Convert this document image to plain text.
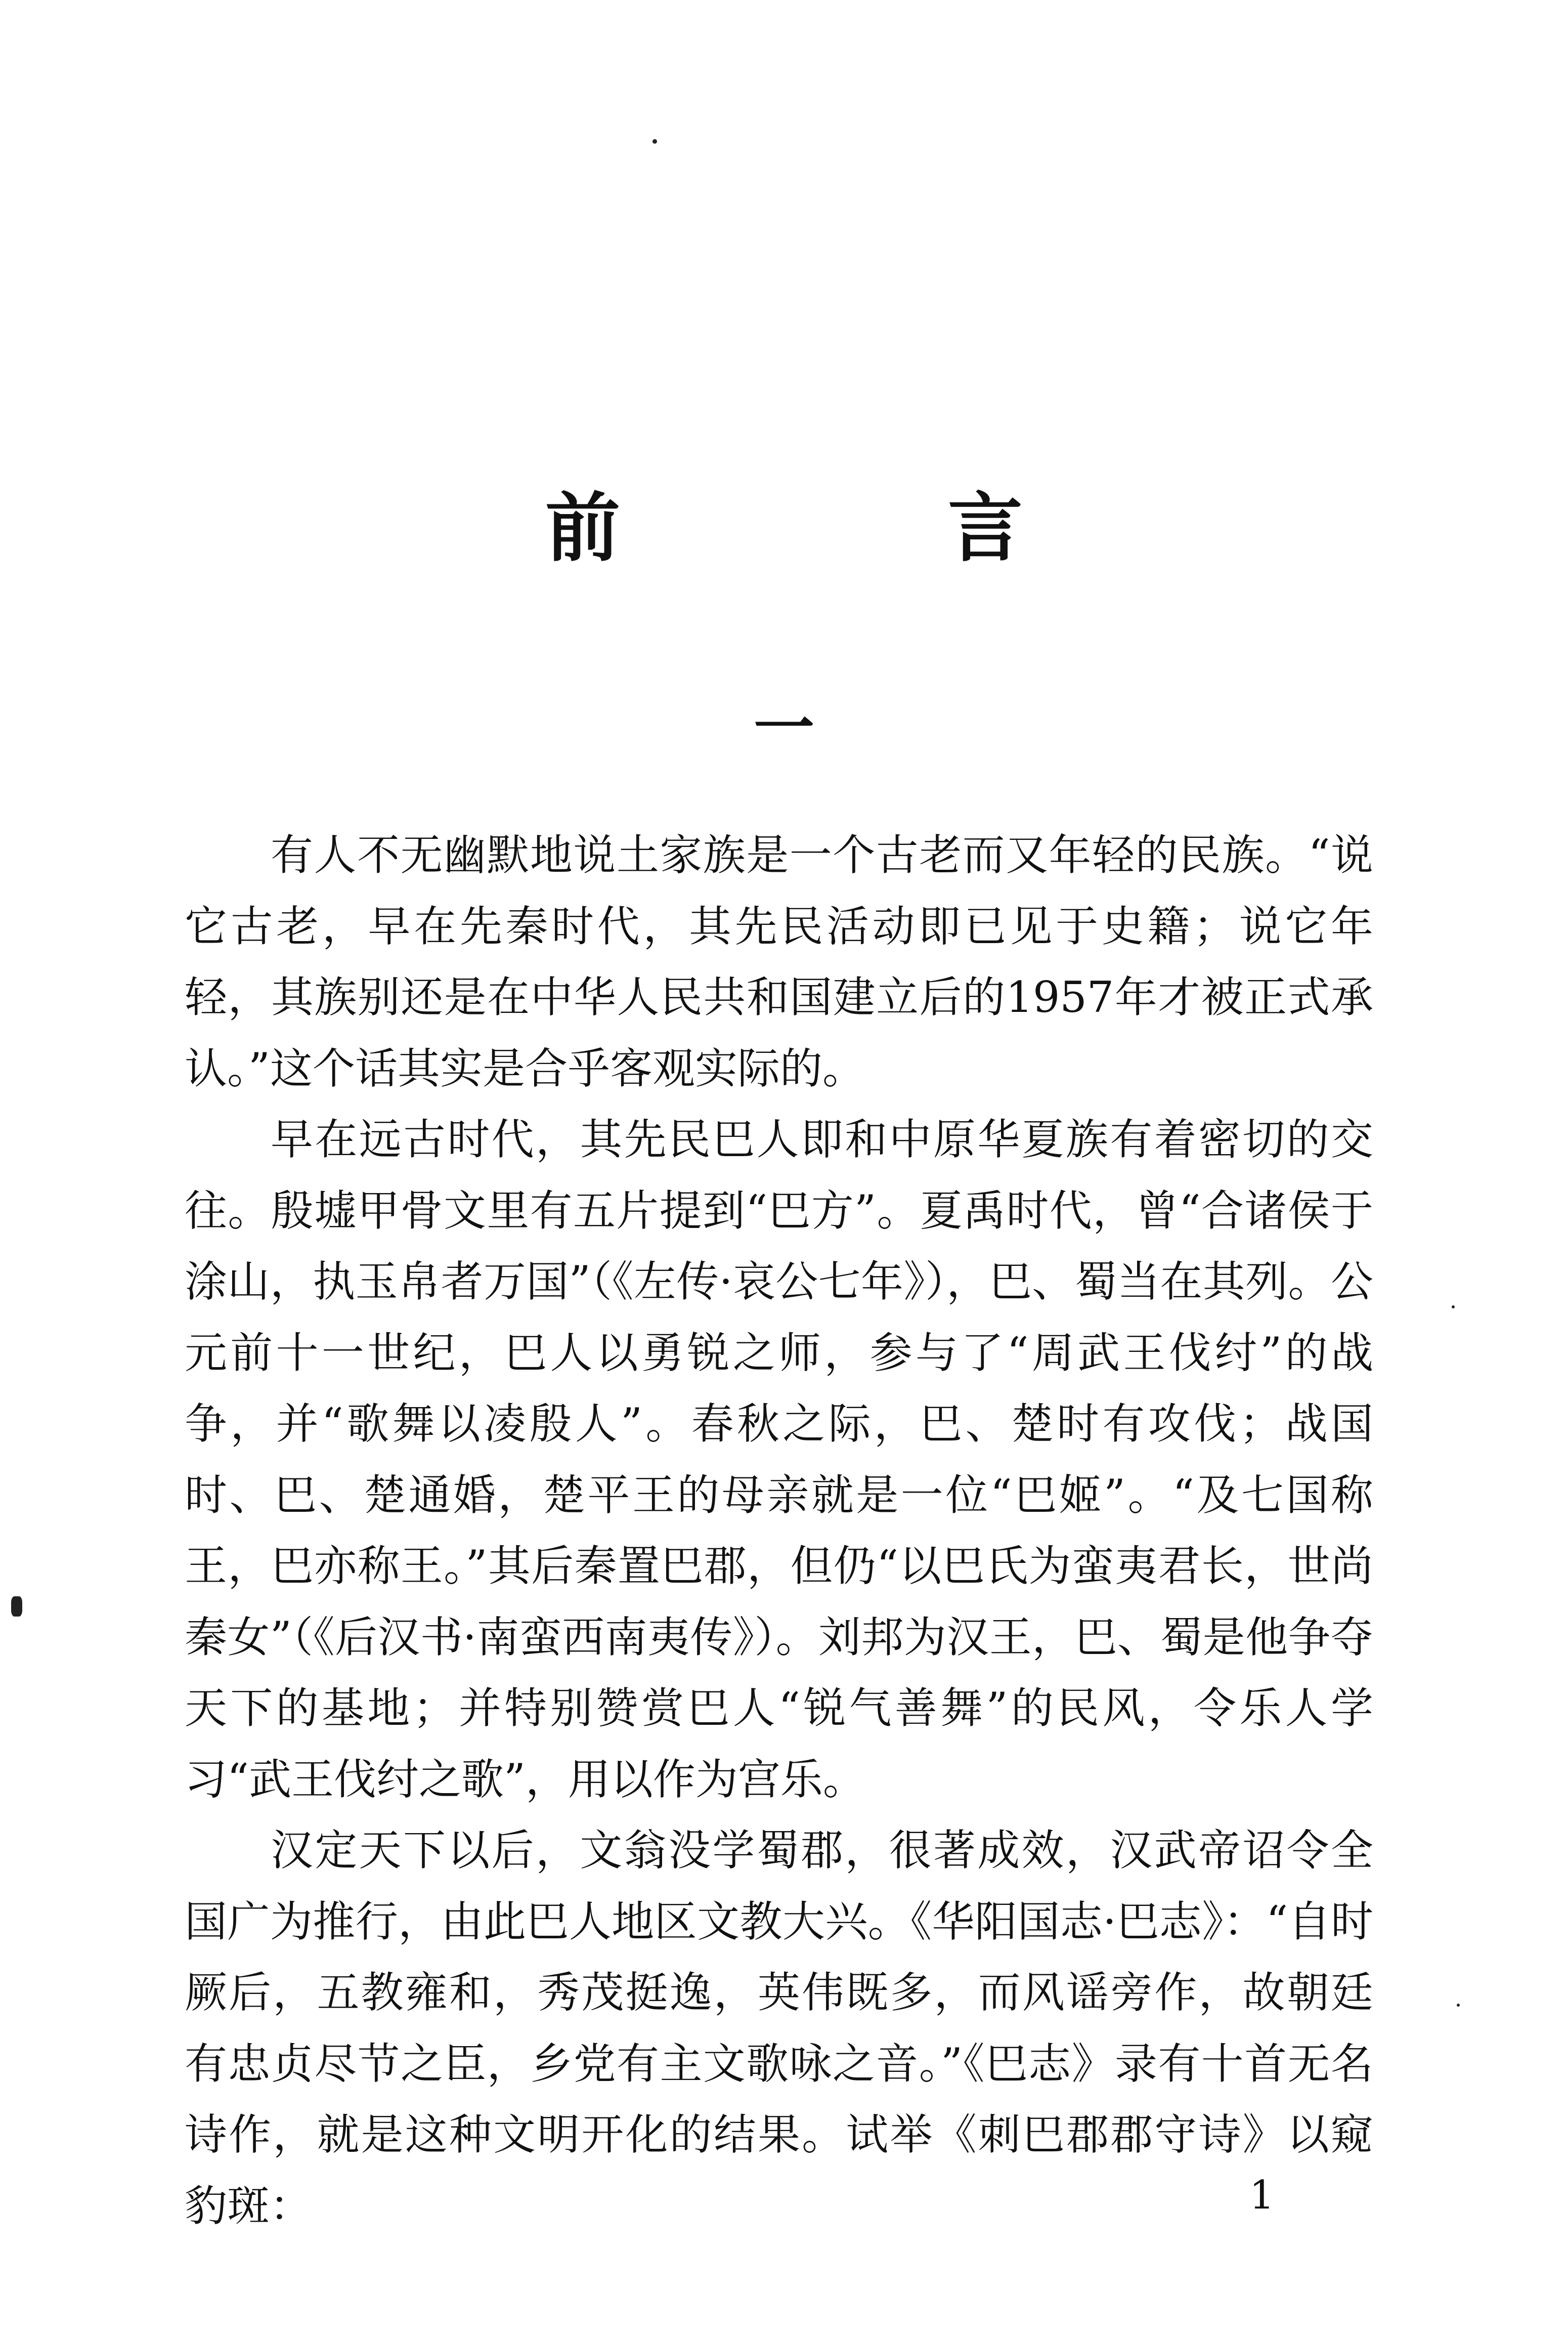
前　言
一

有人不无幽默地说土家族是一个古老而又年轻的民族。“说它古老，早在先秦时代，其先民活动即已见于史籍；说它年轻，其族别还是在中华人民共和国建立后的1957年才被正式承认。”这个话其实是合乎客观实际的。

早在远古时代，其先民巴人即和中原华夏族有着密切的交往。殷墟甲骨文里有五片提到“巴方”。夏禹时代，曾“合诸侯于涂山，执玉帛者万国”（《左传·哀公七年》），巴、蜀当在其列。公元前十一世纪，巴人以勇锐之师，参与了“周武王伐纣”的战争，并“歌舞以凌殷人”。春秋之际，巴、楚时有攻伐；战国时、巴、楚通婚，楚平王的母亲就是一位“巴姬”。“及七国称王，巴亦称王。”其后秦置巴郡，但仍“以巴氏为蛮夷君长，世尚秦女”（《后汉书·南蛮西南夷传》）。刘邦为汉王，巴、蜀是他争夺天下的基地；并特别赞赏巴人“锐气善舞”的民风，令乐人学习“武王伐纣之歌”，用以作为宫乐。

汉定天下以后，文翁没学蜀郡，很著成效，汉武帝诏令全国广为推行，由此巴人地区文教大兴。《华阳国志·巴志》：“自时厥后，五教雍和，秀茂挺逸，英伟既多，而风谣旁作，故朝廷有忠贞尽节之臣，乡党有主文歌咏之音。”《巴志》录有十首无名诗作，就是这种文明开化的结果。试举《刺巴郡郡守诗》以窥豹斑：	1
